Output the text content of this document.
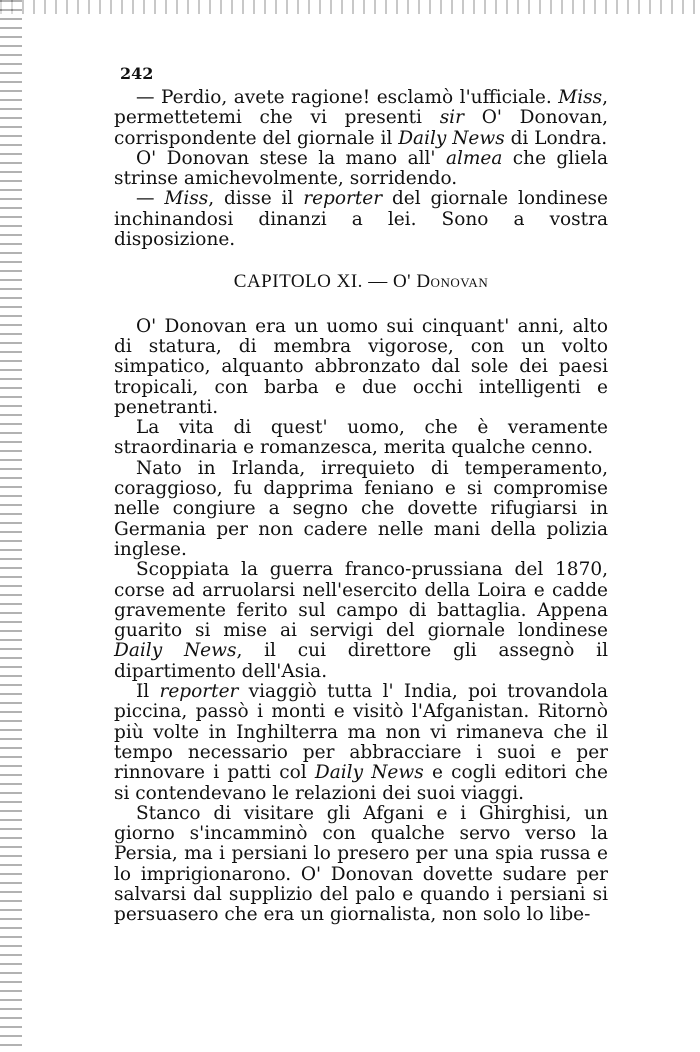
242

— Perdio, avete ragione! esclamò l'ufficiale. Miss, permettetemi che vi presenti sir O' Donovan, corrispondente del giornale il Daily News di Londra.

O' Donovan stese la mano all' almea che gliela strinse amichevolmente, sorridendo.

— Miss, disse il reporter del giornale londinese inchinandosi dinanzi a lei. Sono a vostra disposizione.

CAPITOLO XI. — O' Donovan

O' Donovan era un uomo sui cinquant' anni, alto di statura, di membra vigorose, con un volto simpatico, alquanto abbronzato dal sole dei paesi tropicali, con barba e due occhi intelligenti e penetranti.

La vita di quest' uomo, che è veramente straordinaria e romanzesca, merita qualche cenno.

Nato in Irlanda, irrequieto di temperamento, coraggioso, fu dapprima feniano e si compromise nelle congiure a segno che dovette rifugiarsi in Germania per non cadere nelle mani della polizia inglese.

Scoppiata la guerra franco-prussiana del 1870, corse ad arruolarsi nell'esercito della Loira e cadde gravemente ferito sul campo di battaglia. Appena guarito si mise ai servigi del giornale londinese Daily News, il cui direttore gli assegnò il dipartimento dell'Asia.

Il reporter viaggiò tutta l' India, poi trovandola piccina, passò i monti e visitò l'Afganistan. Ritornò più volte in Inghilterra ma non vi rimaneva che il tempo necessario per abbracciare i suoi e per rinnovare i patti col Daily News e cogli editori che si contendevano le relazioni dei suoi viaggi.

Stanco di visitare gli Afgani e i Ghirghisi, un giorno s'incamminò con qualche servo verso la Persia, ma i persiani lo presero per una spia russa e lo imprigionarono. O' Donovan dovette sudare per salvarsi dal supplizio del palo e quando i persiani si persuasero che era un giornalista, non solo lo libe-
